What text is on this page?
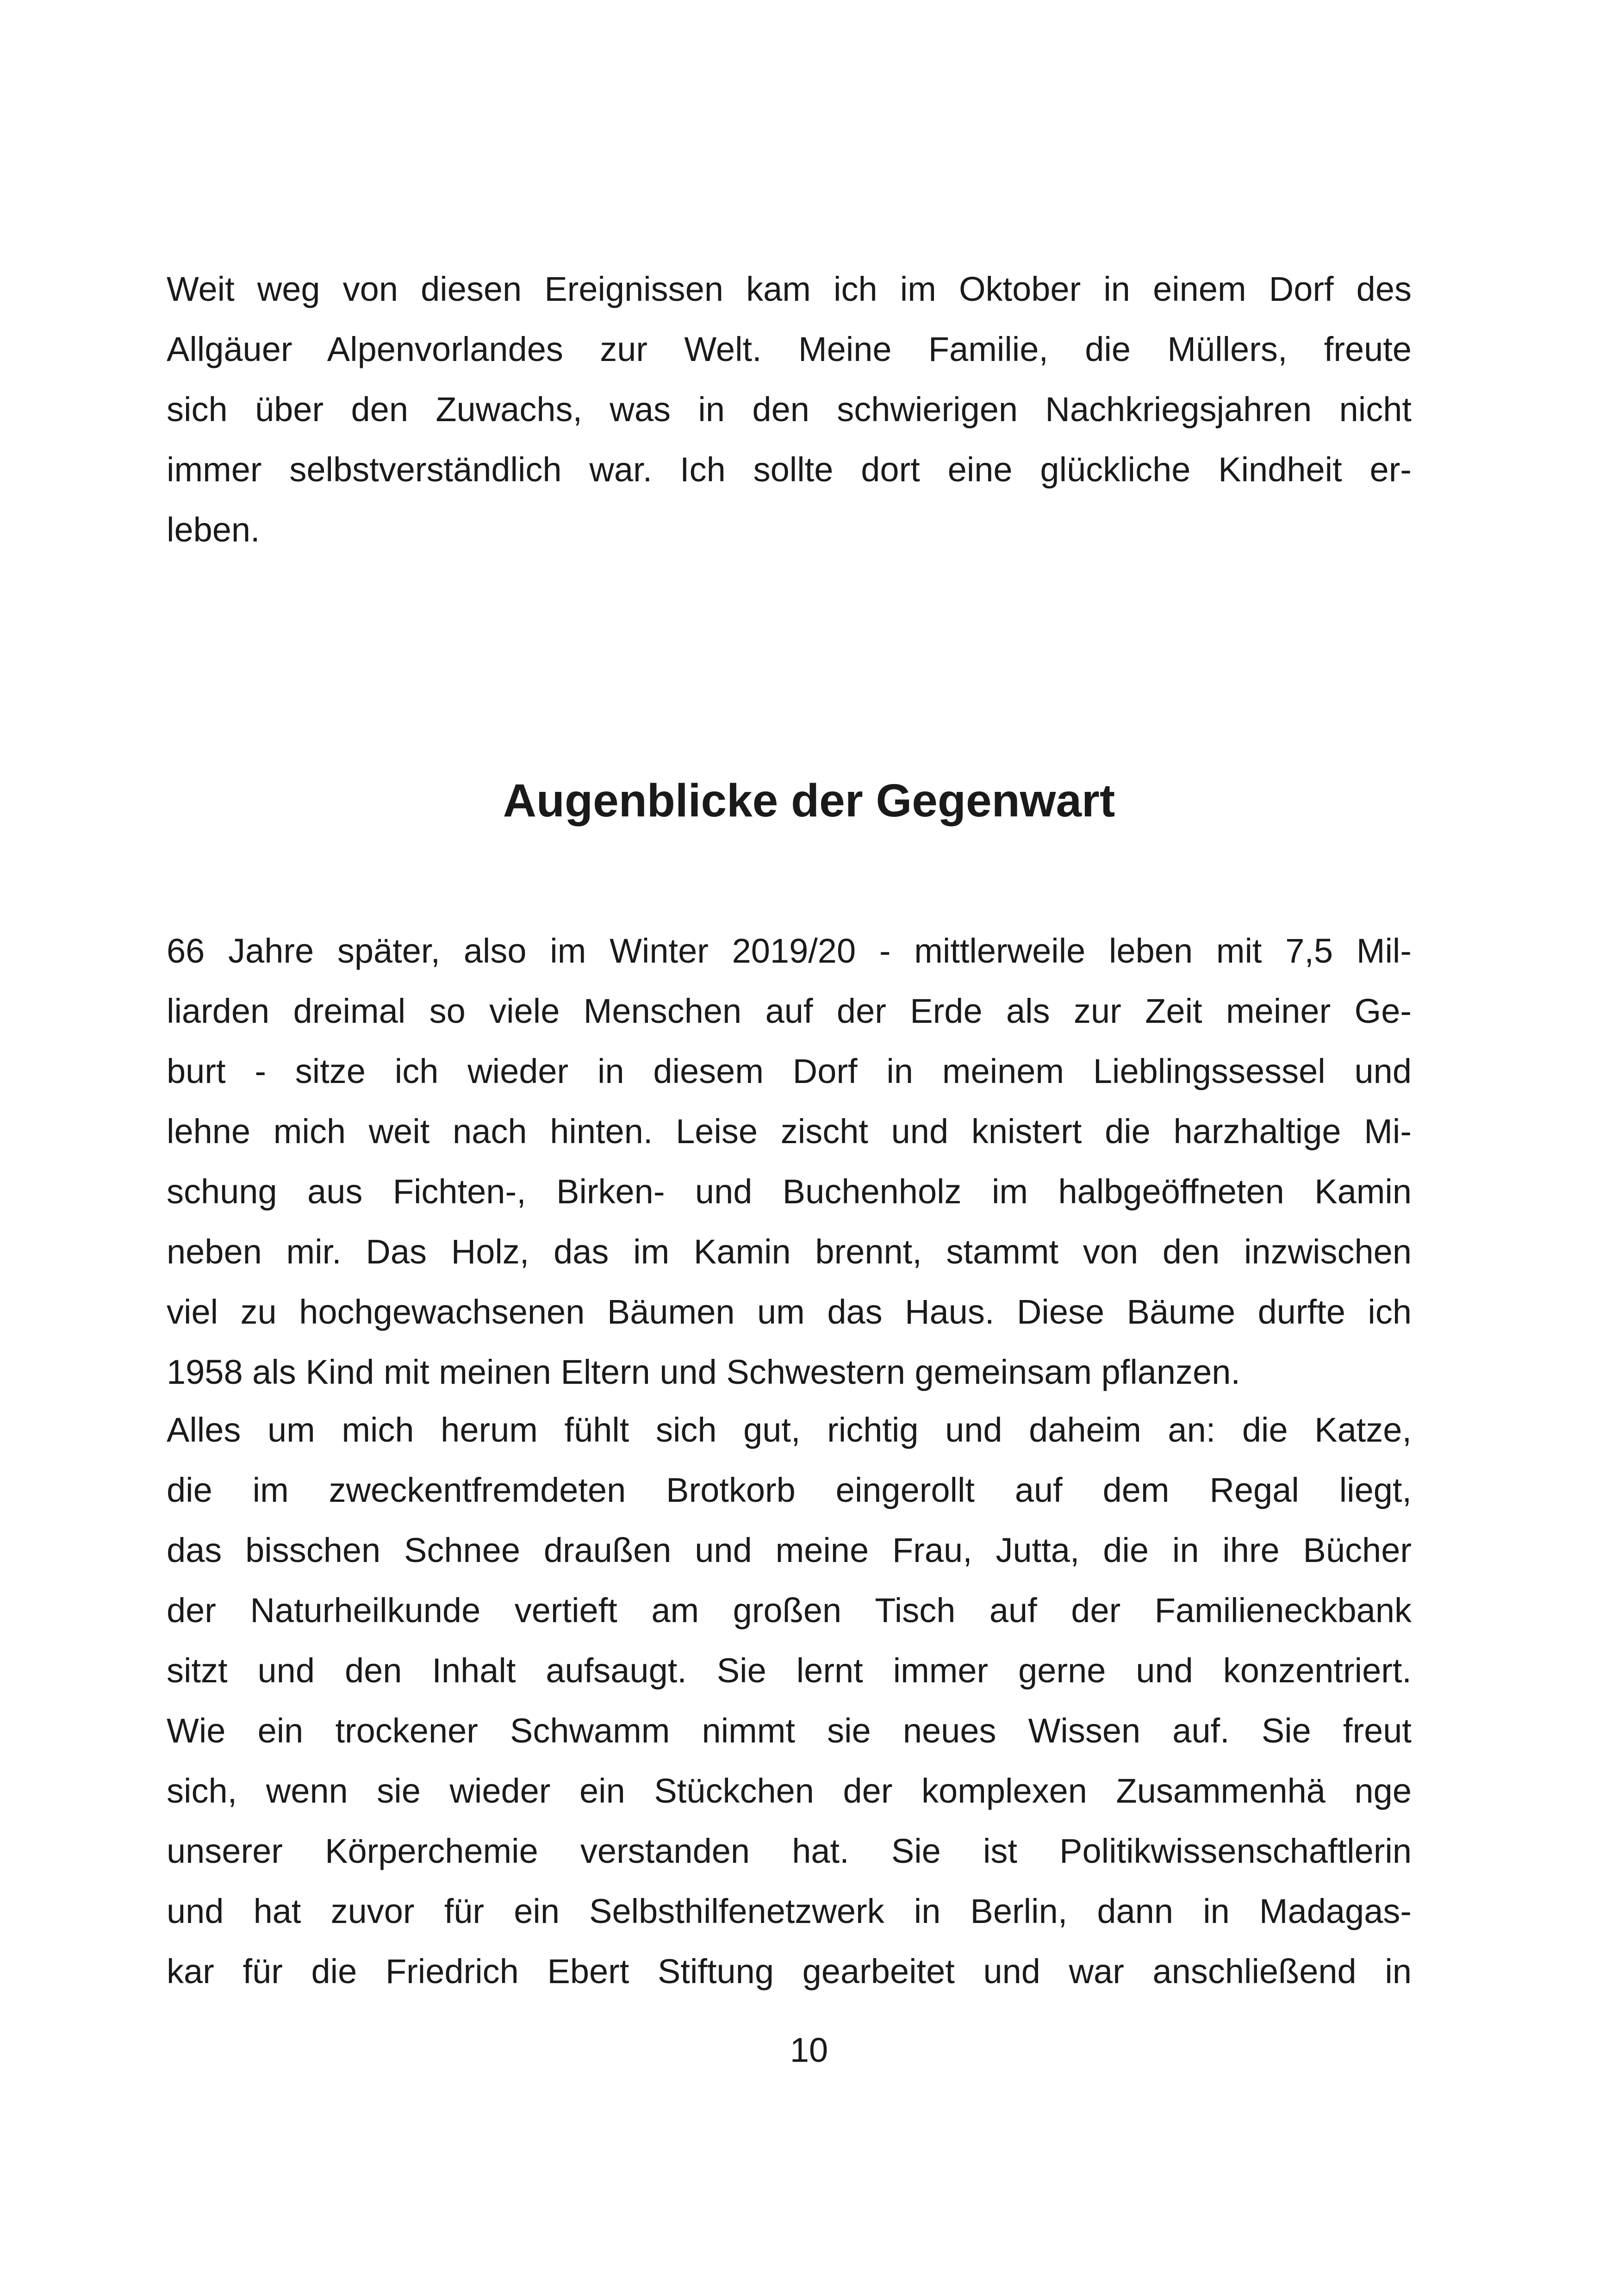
Weit weg von diesen Ereignissen kam ich im Oktober in einem Dorf des
Allgäuer Alpenvorlandes zur Welt. Meine Familie, die Müllers, freute
sich über den Zuwachs, was in den schwierigen Nachkriegsjahren nicht
immer selbstverständlich war. Ich sollte dort eine glückliche Kindheit er-
leben.
Augenblicke der Gegenwart
66 Jahre später, also im Winter 2019/20 - mittlerweile leben mit 7,5 Mil-
liarden dreimal so viele Menschen auf der Erde als zur Zeit meiner Ge-
burt - sitze ich wieder in diesem Dorf in meinem Lieblingssessel und
lehne mich weit nach hinten. Leise zischt und knistert die harzhaltige Mi-
schung aus Fichten-, Birken- und Buchenholz im halbgeöffneten Kamin
neben mir. Das Holz, das im Kamin brennt, stammt von den inzwischen
viel zu hochgewachsenen Bäumen um das Haus. Diese Bäume durfte ich
1958 als Kind mit meinen Eltern und Schwestern gemeinsam pflanzen.
Alles um mich herum fühlt sich gut, richtig und daheim an: die Katze,
die im zweckentfremdeten Brotkorb eingerollt auf dem Regal liegt,
das bisschen Schnee draußen und meine Frau, Jutta, die in ihre Bücher
der Naturheilkunde vertieft am großen Tisch auf der Familieneckbank
sitzt und den Inhalt aufsaugt. Sie lernt immer gerne und konzentriert.
Wie ein trockener Schwamm nimmt sie neues Wissen auf. Sie freut
sich, wenn sie wieder ein Stückchen der komplexen Zusammenhä nge
unserer Körperchemie verstanden hat. Sie ist Politikwissenschaftlerin
und hat zuvor für ein Selbsthilfenetzwerk in Berlin, dann in Madagas-
kar für die Friedrich Ebert Stiftung gearbeitet und war anschließend in
10
